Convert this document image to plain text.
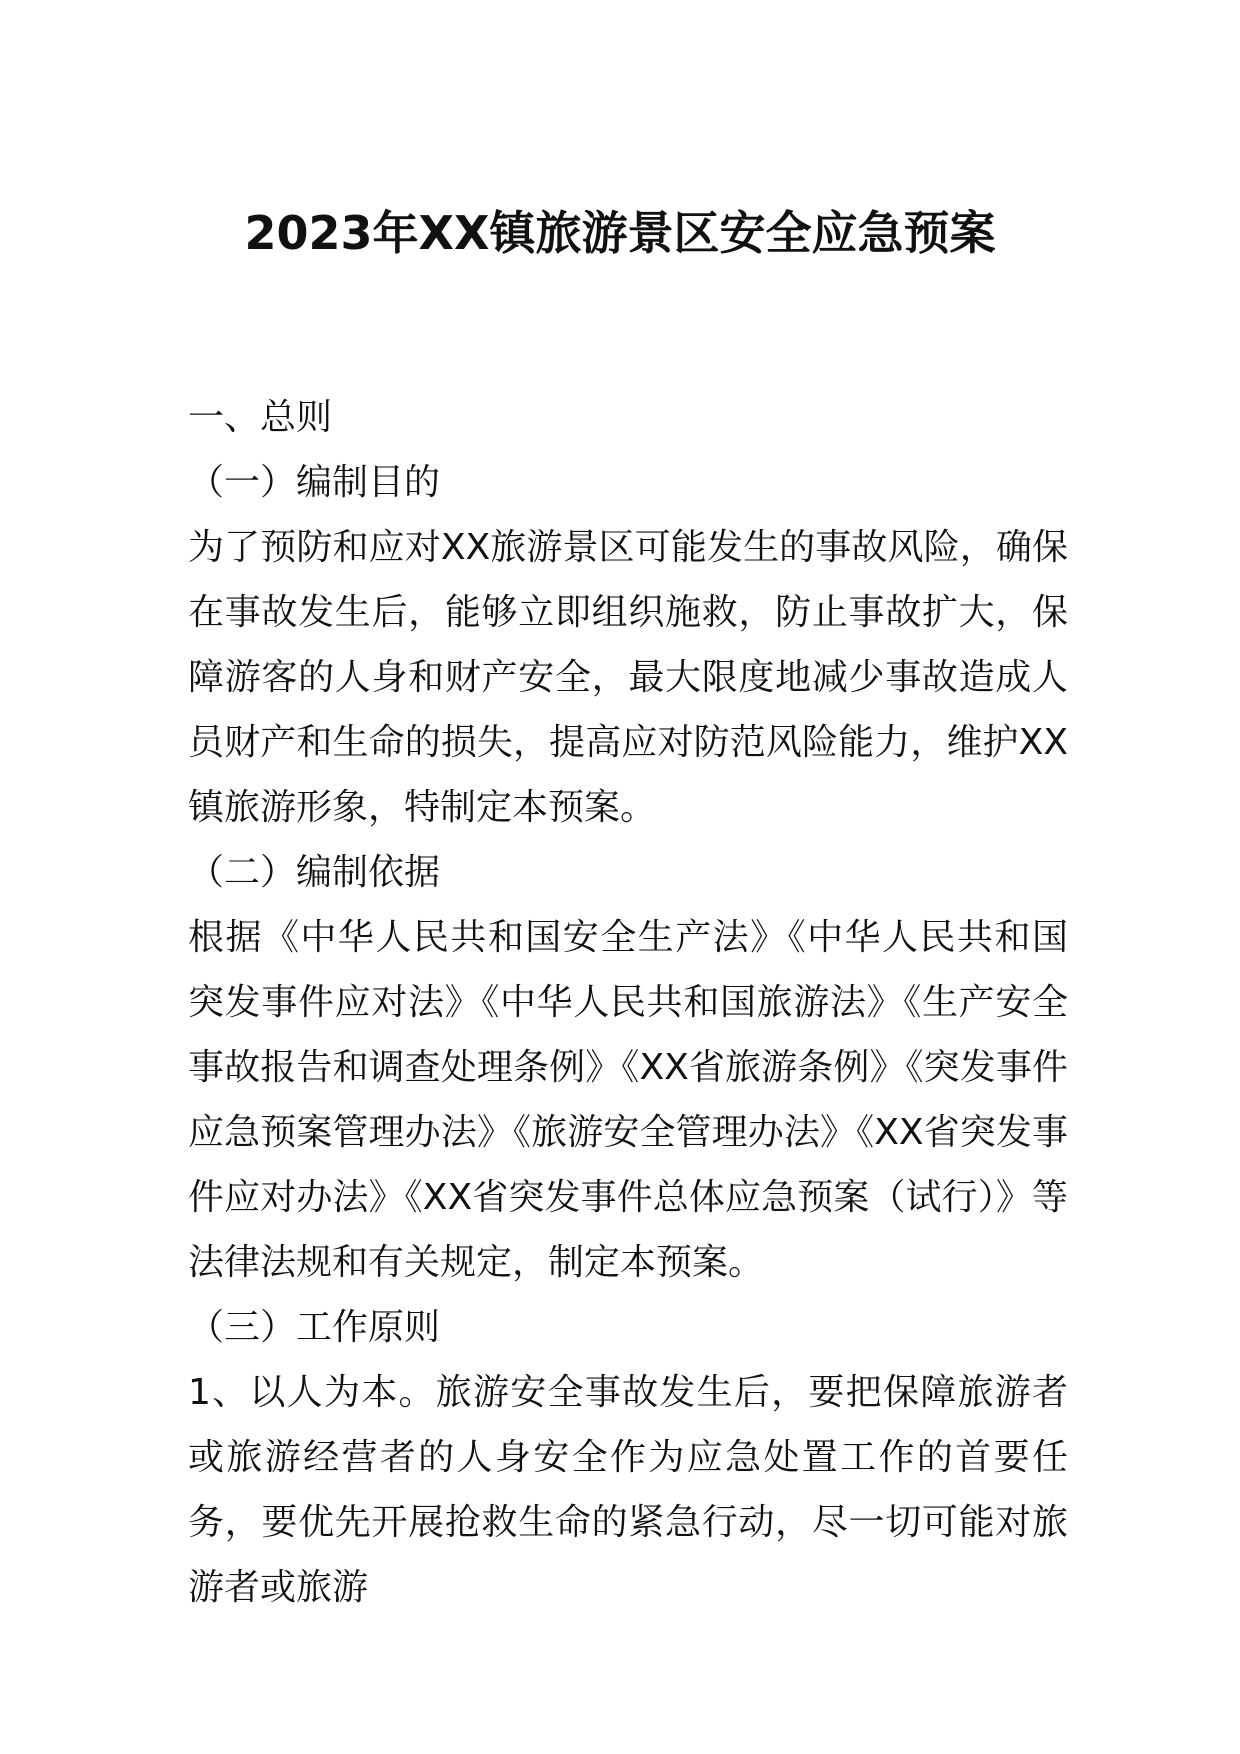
2023年XX镇旅游景区安全应急预案

一、总则

（一）编制目的

为了预防和应对XX旅游景区可能发生的事故风险，确保在事故发生后，能够立即组织施救，防止事故扩大，保障游客的人身和财产安全，最大限度地减少事故造成人员财产和生命的损失，提高应对防范风险能力，维护XX镇旅游形象，特制定本预案。

（二）编制依据

根据《中华人民共和国安全生产法》《中华人民共和国突发事件应对法》《中华人民共和国旅游法》《生产安全事故报告和调查处理条例》《XX省旅游条例》《突发事件应急预案管理办法》《旅游安全管理办法》《XX省突发事件应对办法》《XX省突发事件总体应急预案（试行）》等法律法规和有关规定，制定本预案。

（三）工作原则

1、以人为本。旅游安全事故发生后，要把保障旅游者或旅游经营者的人身安全作为应急处置工作的首要任务，要优先开展抢救生命的紧急行动，尽一切可能对旅游者或旅游
